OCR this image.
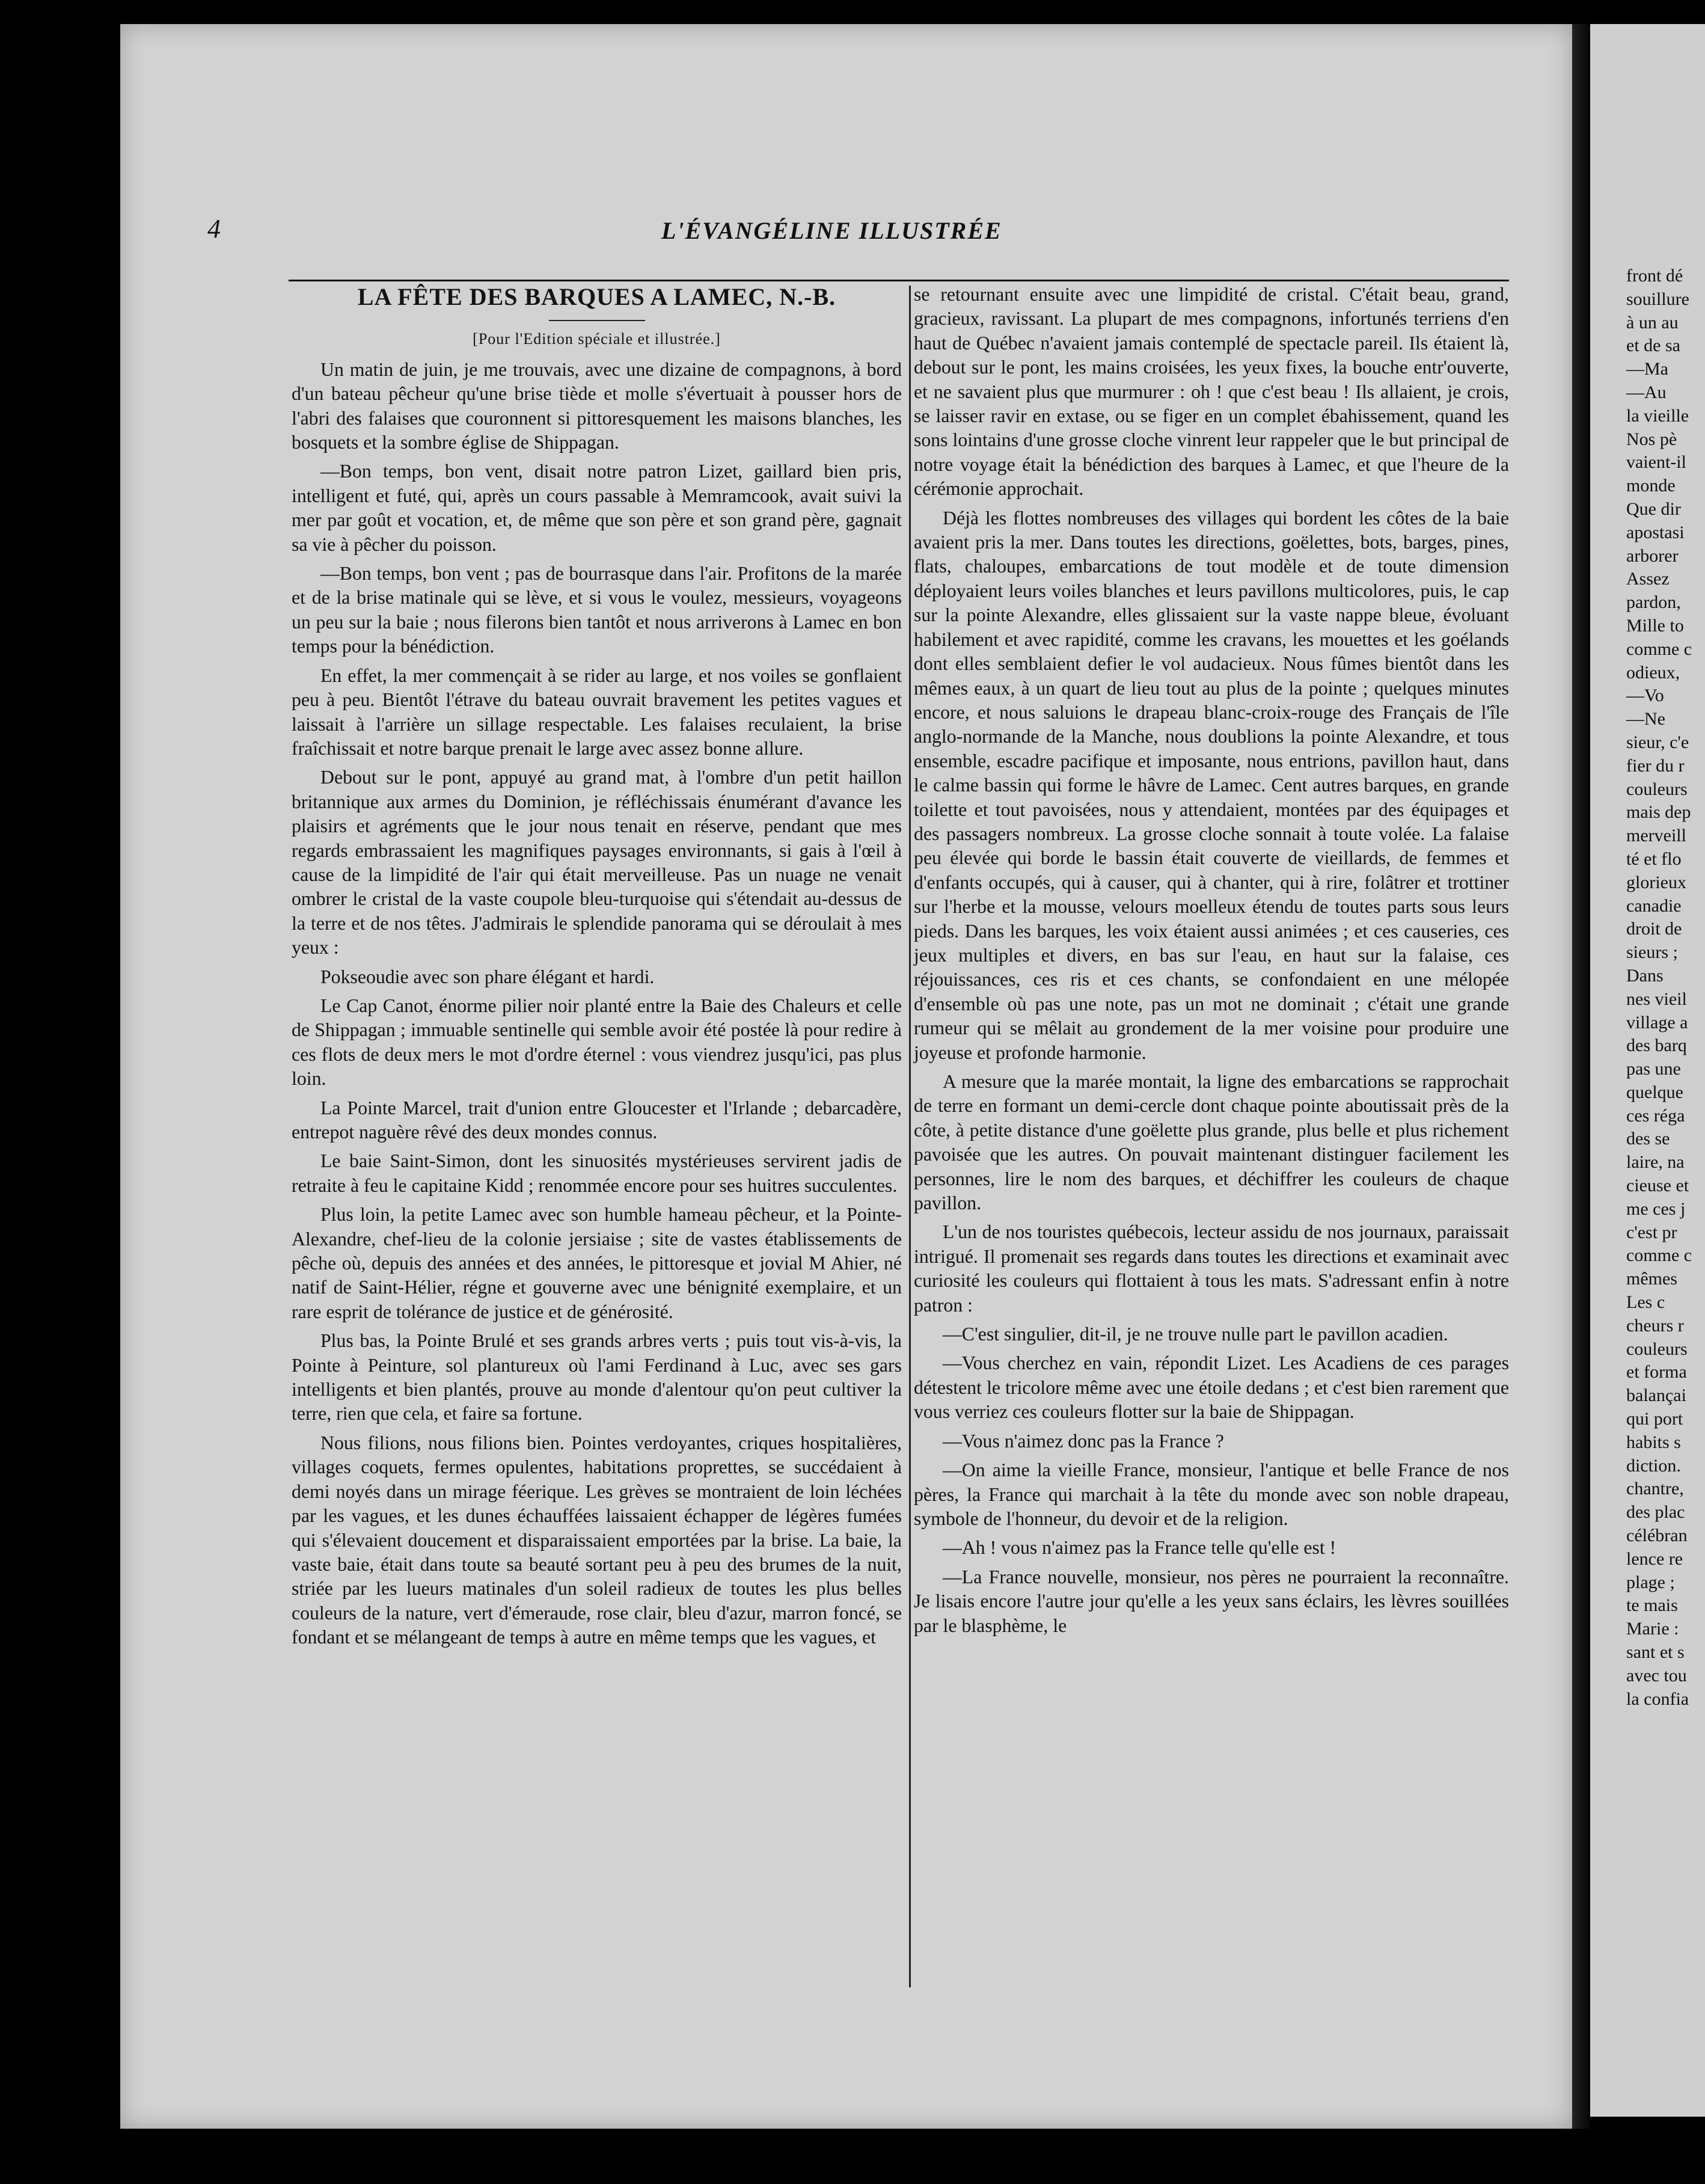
front dé
souillure
à un au
et de sa
—Ma
—Au
la vieille
Nos pè
vaient-il
monde
Que dir
apostasi
arborer
Assez
pardon,
Mille to
comme c
odieux,
—Vo
—Ne
sieur, c'e
fier du r
couleurs
mais dep
merveill
té et flo
glorieux
canadie
droit de
sieurs ;
Dans
nes vieil
village a
des barq
pas une
quelque
ces réga
des se
laire, na
cieuse et
me ces j
c'est pr
comme c
mêmes
Les c
cheurs r
couleurs
et forma
balançai
qui port
habits s
diction.
chantre,
des plac
célébran
lence re
plage ;
te mais
Marie :
sant et s
avec tou
la confia
4	L'ÉVANGÉLINE ILLUSTRÉE
LA FÊTE DES BARQUES A LAMEC, N.-B.
[Pour l'Edition spéciale et illustrée.]

Un matin de juin, je me trouvais, avec une dizaine de compagnons, à bord d'un bateau pêcheur qu'une brise tiède et molle s'évertuait à pousser hors de l'abri des falaises que couronnent si pittoresquement les maisons blanches, les bosquets et la sombre église de Shippagan.

—Bon temps, bon vent, disait notre patron Lizet, gaillard bien pris, intelligent et futé, qui, après un cours passable à Memramcook, avait suivi la mer par goût et vocation, et, de même que son père et son grand père, gagnait sa vie à pêcher du poisson.

—Bon temps, bon vent ; pas de bourrasque dans l'air. Profitons de la marée et de la brise matinale qui se lève, et si vous le voulez, messieurs, voyageons un peu sur la baie ; nous filerons bien tantôt et nous arriverons à Lamec en bon temps pour la bénédiction.

En effet, la mer commençait à se rider au large, et nos voiles se gonflaient peu à peu. Bientôt l'étrave du bateau ouvrait bravement les petites vagues et laissait à l'arrière un sillage respectable. Les falaises reculaient, la brise fraîchissait et notre barque prenait le large avec assez bonne allure.

Debout sur le pont, appuyé au grand mat, à l'ombre d'un petit haillon britannique aux armes du Dominion, je réfléchissais énumérant d'avance les plaisirs et agréments que le jour nous tenait en réserve, pendant que mes regards embrassaient les magnifiques paysages environnants, si gais à l'œil à cause de la limpidité de l'air qui était merveilleuse. Pas un nuage ne venait ombrer le cristal de la vaste coupole bleu-turquoise qui s'étendait au-dessus de la terre et de nos têtes. J'admirais le splendide panorama qui se déroulait à mes yeux :

Pokseoudie avec son phare élégant et hardi.

Le Cap Canot, énorme pilier noir planté entre la Baie des Chaleurs et celle de Shippagan ; immuable sentinelle qui semble avoir été postée là pour redire à ces flots de deux mers le mot d'ordre éternel : vous viendrez jusqu'ici, pas plus loin.

La Pointe Marcel, trait d'union entre Gloucester et l'Irlande ; debarcadère, entrepot naguère rêvé des deux mondes connus.

Le baie Saint-Simon, dont les sinuosités mystérieuses servirent jadis de retraite à feu le capitaine Kidd ; renommée encore pour ses huitres succulentes.

Plus loin, la petite Lamec avec son humble hameau pêcheur, et la Pointe-Alexandre, chef-lieu de la colonie jersiaise ; site de vastes établissements de pêche où, depuis des années et des années, le pittoresque et jovial M Ahier, né natif de Saint-Hélier, régne et gouverne avec une bénignité exemplaire, et un rare esprit de tolérance de justice et de générosité.

Plus bas, la Pointe Brulé et ses grands arbres verts ; puis tout vis-à-vis, la Pointe à Peinture, sol plantureux où l'ami Ferdinand à Luc, avec ses gars intelligents et bien plantés, prouve au monde d'alentour qu'on peut cultiver la terre, rien que cela, et faire sa fortune.

Nous filions, nous filions bien. Pointes verdoyantes, criques hospitalières, villages coquets, fermes opulentes, habitations proprettes, se succédaient à demi noyés dans un mirage féerique. Les grèves se montraient de loin léchées par les vagues, et les dunes échauffées laissaient échapper de légères fumées qui s'élevaient doucement et disparaissaient emportées par la brise. La baie, la vaste baie, était dans toute sa beauté sortant peu à peu des brumes de la nuit, striée par les lueurs matinales d'un soleil radieux de toutes les plus belles couleurs de la nature, vert d'émeraude, rose clair, bleu d'azur, marron foncé, se fondant et se mélangeant de temps à autre en même temps que les vagues, et

se retournant ensuite avec une limpidité de cristal. C'était beau, grand, gracieux, ravissant. La plupart de mes compagnons, infortunés terriens d'en haut de Québec n'avaient jamais contemplé de spectacle pareil. Ils étaient là, debout sur le pont, les mains croisées, les yeux fixes, la bouche entr'ouverte, et ne savaient plus que murmurer : oh ! que c'est beau ! Ils allaient, je crois, se laisser ravir en extase, ou se figer en un complet ébahissement, quand les sons lointains d'une grosse cloche vinrent leur rappeler que le but principal de notre voyage était la bénédiction des barques à Lamec, et que l'heure de la cérémonie approchait.

Déjà les flottes nombreuses des villages qui bordent les côtes de la baie avaient pris la mer. Dans toutes les directions, goëlettes, bots, barges, pines, flats, chaloupes, embarcations de tout modèle et de toute dimension déployaient leurs voiles blanches et leurs pavillons multicolores, puis, le cap sur la pointe Alexandre, elles glissaient sur la vaste nappe bleue, évoluant habilement et avec rapidité, comme les cravans, les mouettes et les goélands dont elles semblaient defier le vol audacieux. Nous fûmes bientôt dans les mêmes eaux, à un quart de lieu tout au plus de la pointe ; quelques minutes encore, et nous saluions le drapeau blanc-croix-rouge des Français de l'île anglo-normande de la Manche, nous doublions la pointe Alexandre, et tous ensemble, escadre pacifique et imposante, nous entrions, pavillon haut, dans le calme bassin qui forme le hâvre de Lamec. Cent autres barques, en grande toilette et tout pavoisées, nous y attendaient, montées par des équipages et des passagers nombreux. La grosse cloche sonnait à toute volée. La falaise peu élevée qui borde le bassin était couverte de vieillards, de femmes et d'enfants occupés, qui à causer, qui à chanter, qui à rire, folâtrer et trottiner sur l'herbe et la mousse, velours moelleux étendu de toutes parts sous leurs pieds. Dans les barques, les voix étaient aussi animées ; et ces causeries, ces jeux multiples et divers, en bas sur l'eau, en haut sur la falaise, ces réjouissances, ces ris et ces chants, se confondaient en une mélopée d'ensemble où pas une note, pas un mot ne dominait ; c'était une grande rumeur qui se mêlait au grondement de la mer voisine pour produire une joyeuse et profonde harmonie.

A mesure que la marée montait, la ligne des embarcations se rapprochait de terre en formant un demi-cercle dont chaque pointe aboutissait près de la côte, à petite distance d'une goëlette plus grande, plus belle et plus richement pavoisée que les autres. On pouvait maintenant distinguer facilement les personnes, lire le nom des barques, et déchiffrer les couleurs de chaque pavillon.

L'un de nos touristes québecois, lecteur assidu de nos journaux, paraissait intrigué. Il promenait ses regards dans toutes les directions et examinait avec curiosité les couleurs qui flottaient à tous les mats. S'adressant enfin à notre patron :

—C'est singulier, dit-il, je ne trouve nulle part le pavillon acadien.

—Vous cherchez en vain, répondit Lizet. Les Acadiens de ces parages détestent le tricolore même avec une étoile dedans ; et c'est bien rarement que vous verriez ces couleurs flotter sur la baie de Shippagan.

—Vous n'aimez donc pas la France ?

—On aime la vieille France, monsieur, l'antique et belle France de nos pères, la France qui marchait à la tête du monde avec son noble drapeau, symbole de l'honneur, du devoir et de la religion.

—Ah ! vous n'aimez pas la France telle qu'elle est !

—La France nouvelle, monsieur, nos pères ne pourraient la reconnaître. Je lisais encore l'autre jour qu'elle a les yeux sans éclairs, les lèvres souillées par le blasphème, le
